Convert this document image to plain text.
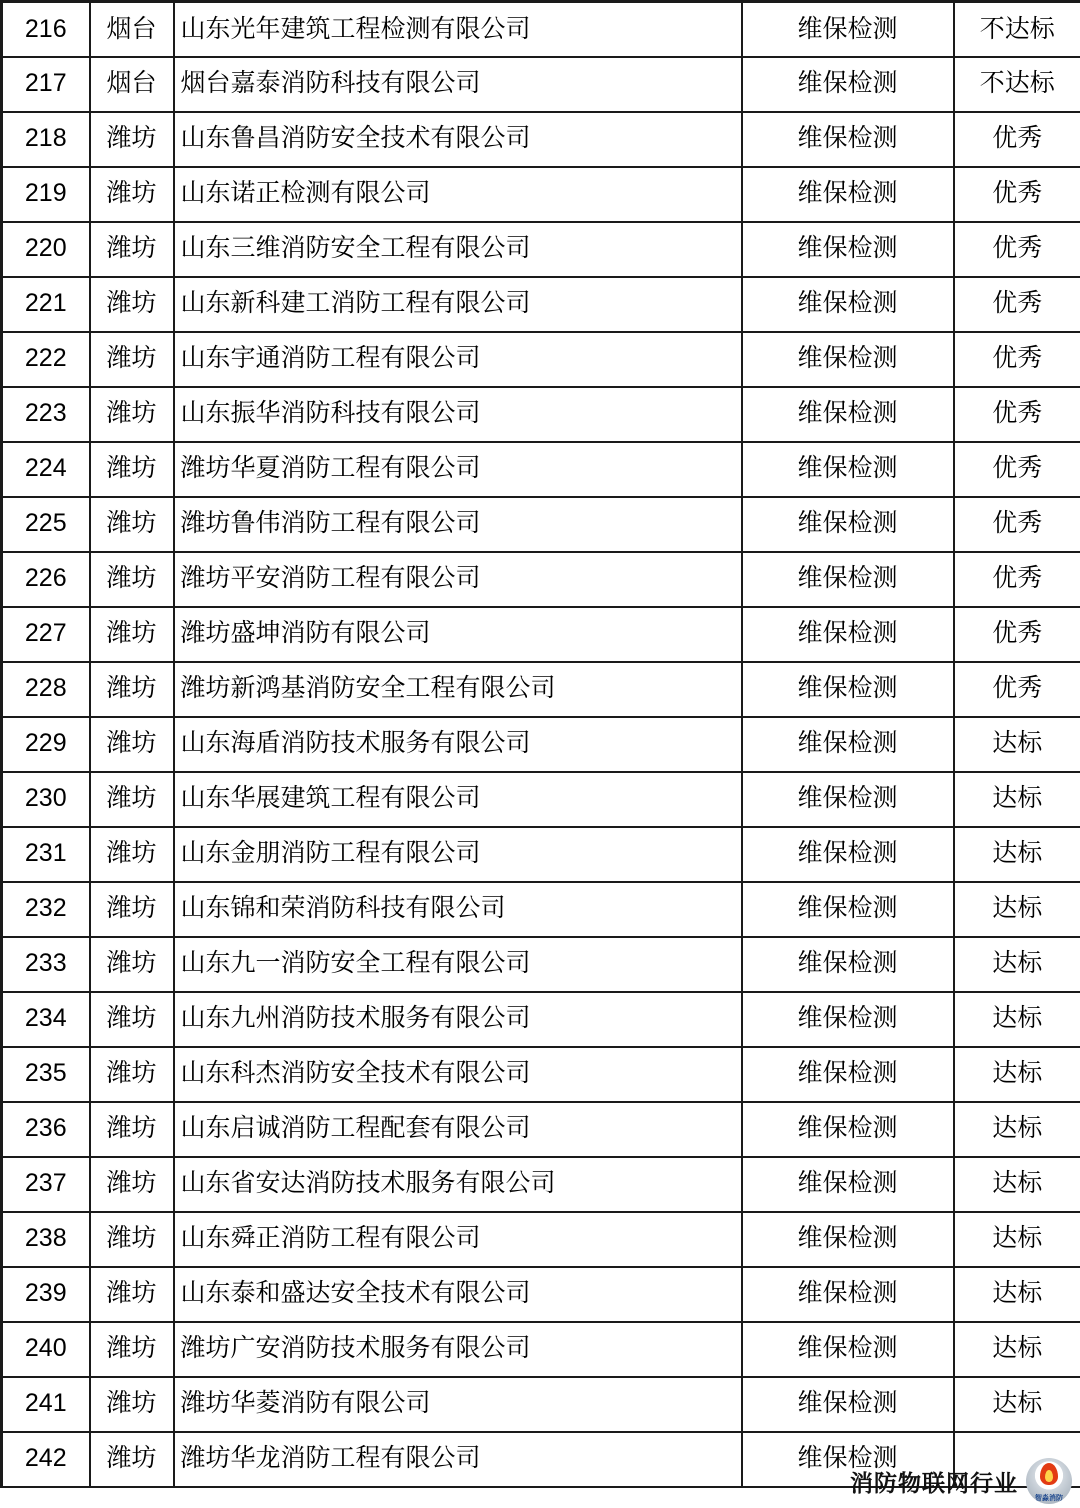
216	烟台	山东光年建筑工程检测有限公司	维保检测	不达标
217	烟台	烟台嘉泰消防科技有限公司	维保检测	不达标
218	潍坊	山东鲁昌消防安全技术有限公司	维保检测	优秀
219	潍坊	山东诺正检测有限公司	维保检测	优秀
220	潍坊	山东三维消防安全工程有限公司	维保检测	优秀
221	潍坊	山东新科建工消防工程有限公司	维保检测	优秀
222	潍坊	山东宇通消防工程有限公司	维保检测	优秀
223	潍坊	山东振华消防科技有限公司	维保检测	优秀
224	潍坊	潍坊华夏消防工程有限公司	维保检测	优秀
225	潍坊	潍坊鲁伟消防工程有限公司	维保检测	优秀
226	潍坊	潍坊平安消防工程有限公司	维保检测	优秀
227	潍坊	潍坊盛坤消防有限公司	维保检测	优秀
228	潍坊	潍坊新鸿基消防安全工程有限公司	维保检测	优秀
229	潍坊	山东海盾消防技术服务有限公司	维保检测	达标
230	潍坊	山东华展建筑工程有限公司	维保检测	达标
231	潍坊	山东金朋消防工程有限公司	维保检测	达标
232	潍坊	山东锦和荣消防科技有限公司	维保检测	达标
233	潍坊	山东九一消防安全工程有限公司	维保检测	达标
234	潍坊	山东九州消防技术服务有限公司	维保检测	达标
235	潍坊	山东科杰消防安全技术有限公司	维保检测	达标
236	潍坊	山东启诚消防工程配套有限公司	维保检测	达标
237	潍坊	山东省安达消防技术服务有限公司	维保检测	达标
238	潍坊	山东舜正消防工程有限公司	维保检测	达标
239	潍坊	山东泰和盛达安全技术有限公司	维保检测	达标
240	潍坊	潍坊广安消防技术服务有限公司	维保检测	达标
241	潍坊	潍坊华菱消防有限公司	维保检测	达标
242	潍坊	潍坊华龙消防工程有限公司	维保检测	
消防物联网行业
智淼消防
